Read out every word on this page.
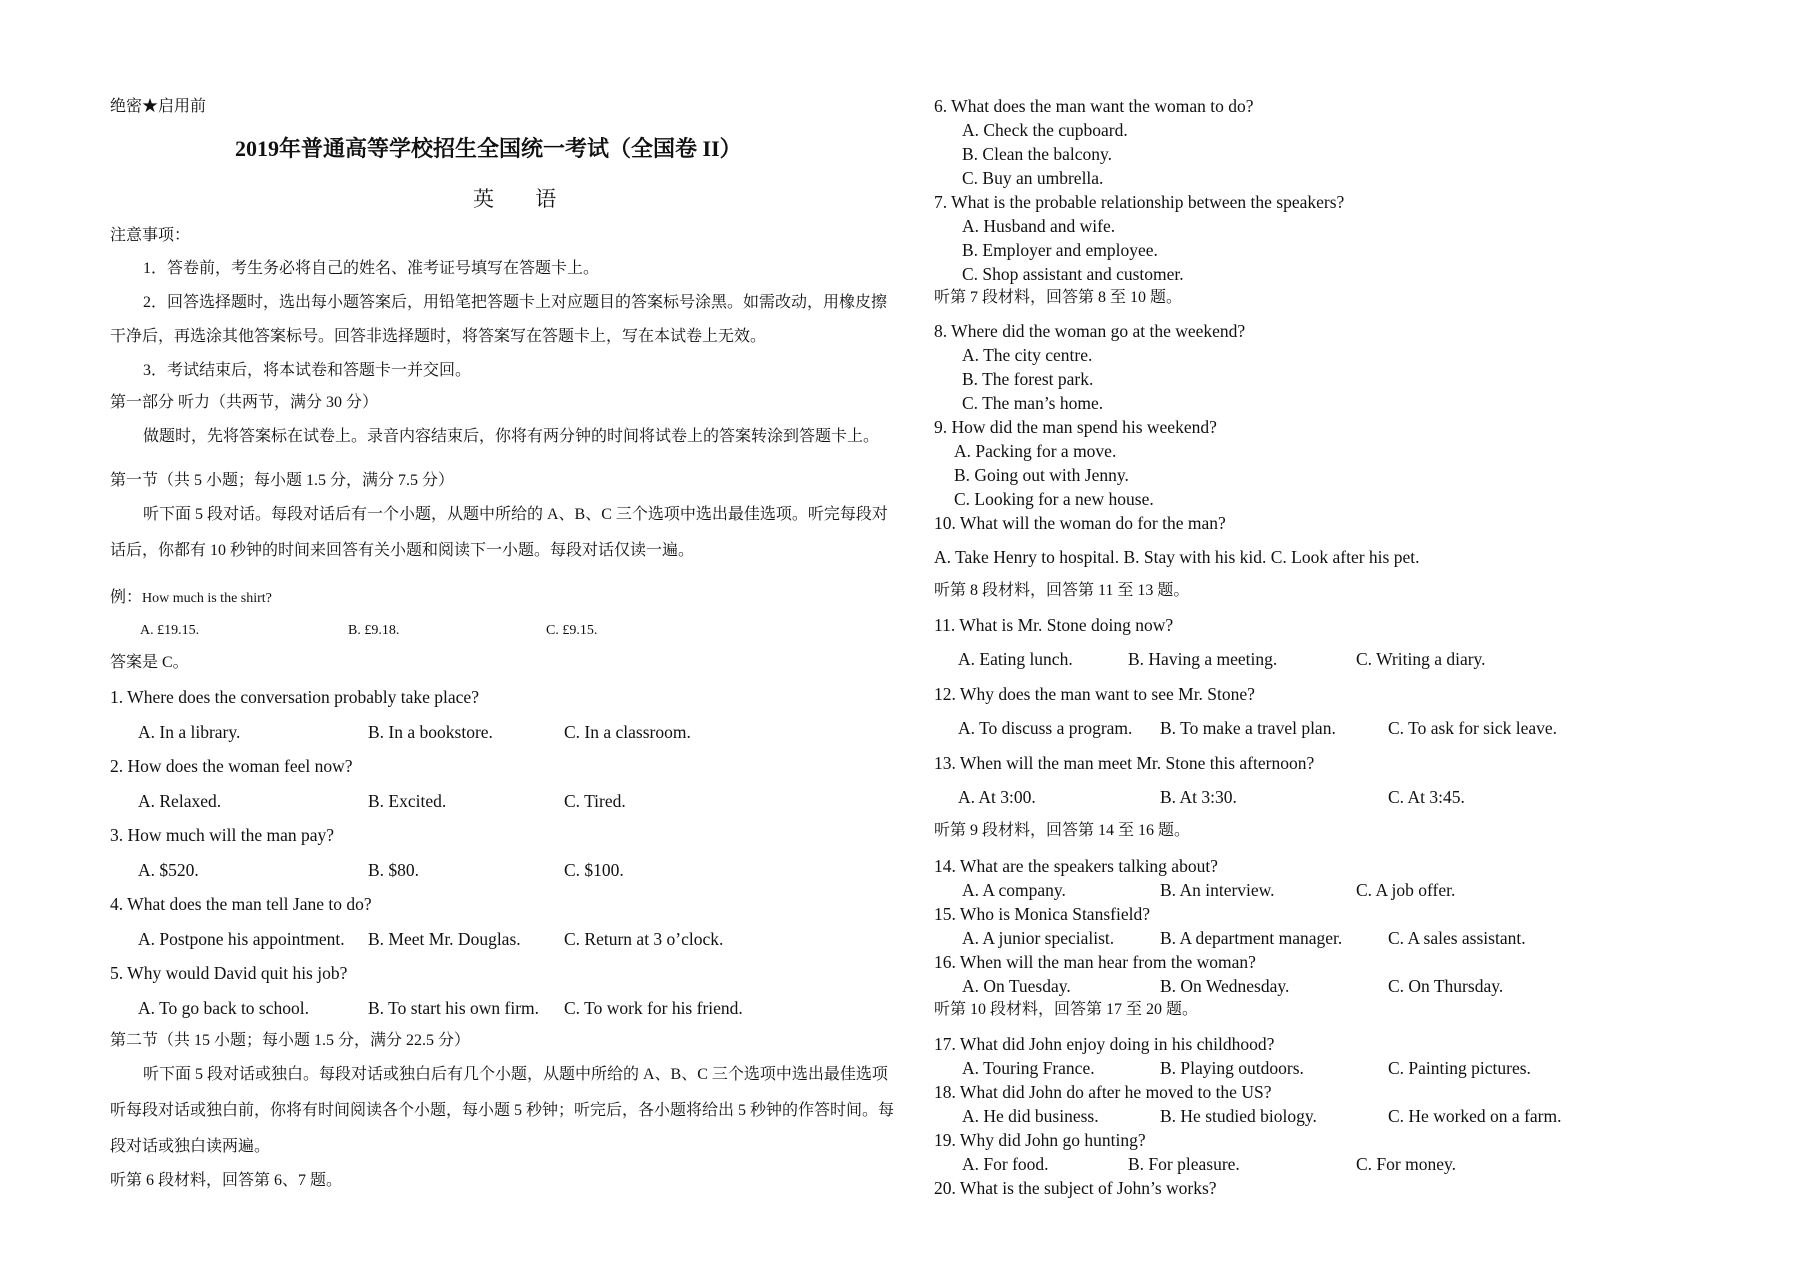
绝密★启用前
2019年普通高等学校招生全国统一考试（全国卷 II）
英 语
注意事项：
1．答卷前，考生务必将自己的姓名、准考证号填写在答题卡上。
2．回答选择题时，选出每小题答案后，用铅笔把答题卡上对应题目的答案标号涂黑。如需改动，用橡皮擦
干净后，再选涂其他答案标号。回答非选择题时，将答案写在答题卡上，写在本试卷上无效。
3．考试结束后，将本试卷和答题卡一并交回。
第一部分 听力（共两节，满分 30 分）
做题时，先将答案标在试卷上。录音内容结束后，你将有两分钟的时间将试卷上的答案转涂到答题卡上。
第一节（共 5 小题；每小题 1.5 分，满分 7.5 分）
听下面 5 段对话。每段对话后有一个小题，从题中所给的 A、B、C 三个选项中选出最佳选项。听完每段对
话后，你都有 10 秒钟的时间来回答有关小题和阅读下一小题。每段对话仅读一遍。
例：How much is the shirt?
A. £19.15.	B. £9.18.	C. £9.15.
答案是 C。
1. Where does the conversation probably take place?
A. In a library.	B. In a bookstore.	C. In a classroom.
2. How does the woman feel now?
A. Relaxed.	B. Excited.	C. Tired.
3. How much will the man pay?
A. $520.	B. $80.	C. $100.
4. What does the man tell Jane to do?
A. Postpone his appointment. B. Meet Mr. Douglas. C. Return at 3 o’clock.
5. Why would David quit his job?
A. To go back to school.	B. To start his own firm. C. To work for his friend.
第二节（共 15 小题；每小题 1.5 分，满分 22.5 分）
听下面 5 段对话或独白。每段对话或独白后有几个小题，从题中所给的 A、B、C 三个选项中选出最佳选项
听每段对话或独白前，你将有时间阅读各个小题，每小题 5 秒钟；听完后，各小题将给出 5 秒钟的作答时间。每
段对话或独白读两遍。
听第 6 段材料，回答第 6、7 题。
6. What does the man want the woman to do?
A. Check the cupboard.
B. Clean the balcony.
C. Buy an umbrella.
7. What is the probable relationship between the speakers?
A. Husband and wife.
B. Employer and employee.
C. Shop assistant and customer.
听第 7 段材料，回答第 8 至 10 题。
8. Where did the woman go at the weekend?
A. The city centre.
B. The forest park.
C. The man’s home.
9. How did the man spend his weekend?
A. Packing for a move.
B. Going out with Jenny.
C. Looking for a new house.
10. What will the woman do for the man?
A. Take Henry to hospital. B. Stay with his kid. C. Look after his pet.
听第 8 段材料，回答第 11 至 13 题。
11. What is Mr. Stone doing now?
A. Eating lunch.	B. Having a meeting.	C. Writing a diary.
12. Why does the man want to see Mr. Stone?
A. To discuss a program. B. To make a travel plan.	C. To ask for sick leave.
13. When will the man meet Mr. Stone this afternoon?
A. At 3:00.	B. At 3:30.	C. At 3:45.
听第 9 段材料，回答第 14 至 16 题。
14. What are the speakers talking about?
A. A company.	B. An interview.	C. A job offer.
15. Who is Monica Stansfield?
A. A junior specialist.	B. A department manager.	C. A sales assistant.
16. When will the man hear from the woman?
A. On Tuesday.	B. On Wednesday.	C. On Thursday.
听第 10 段材料，回答第 17 至 20 题。
17. What did John enjoy doing in his childhood?
A. Touring France.	B. Playing outdoors.	C. Painting pictures.
18. What did John do after he moved to the US?
A. He did business.	B. He studied biology.	C. He worked on a farm.
19. Why did John go hunting?
A. For food.	B. For pleasure.	C. For money.
20. What is the subject of John’s works?
